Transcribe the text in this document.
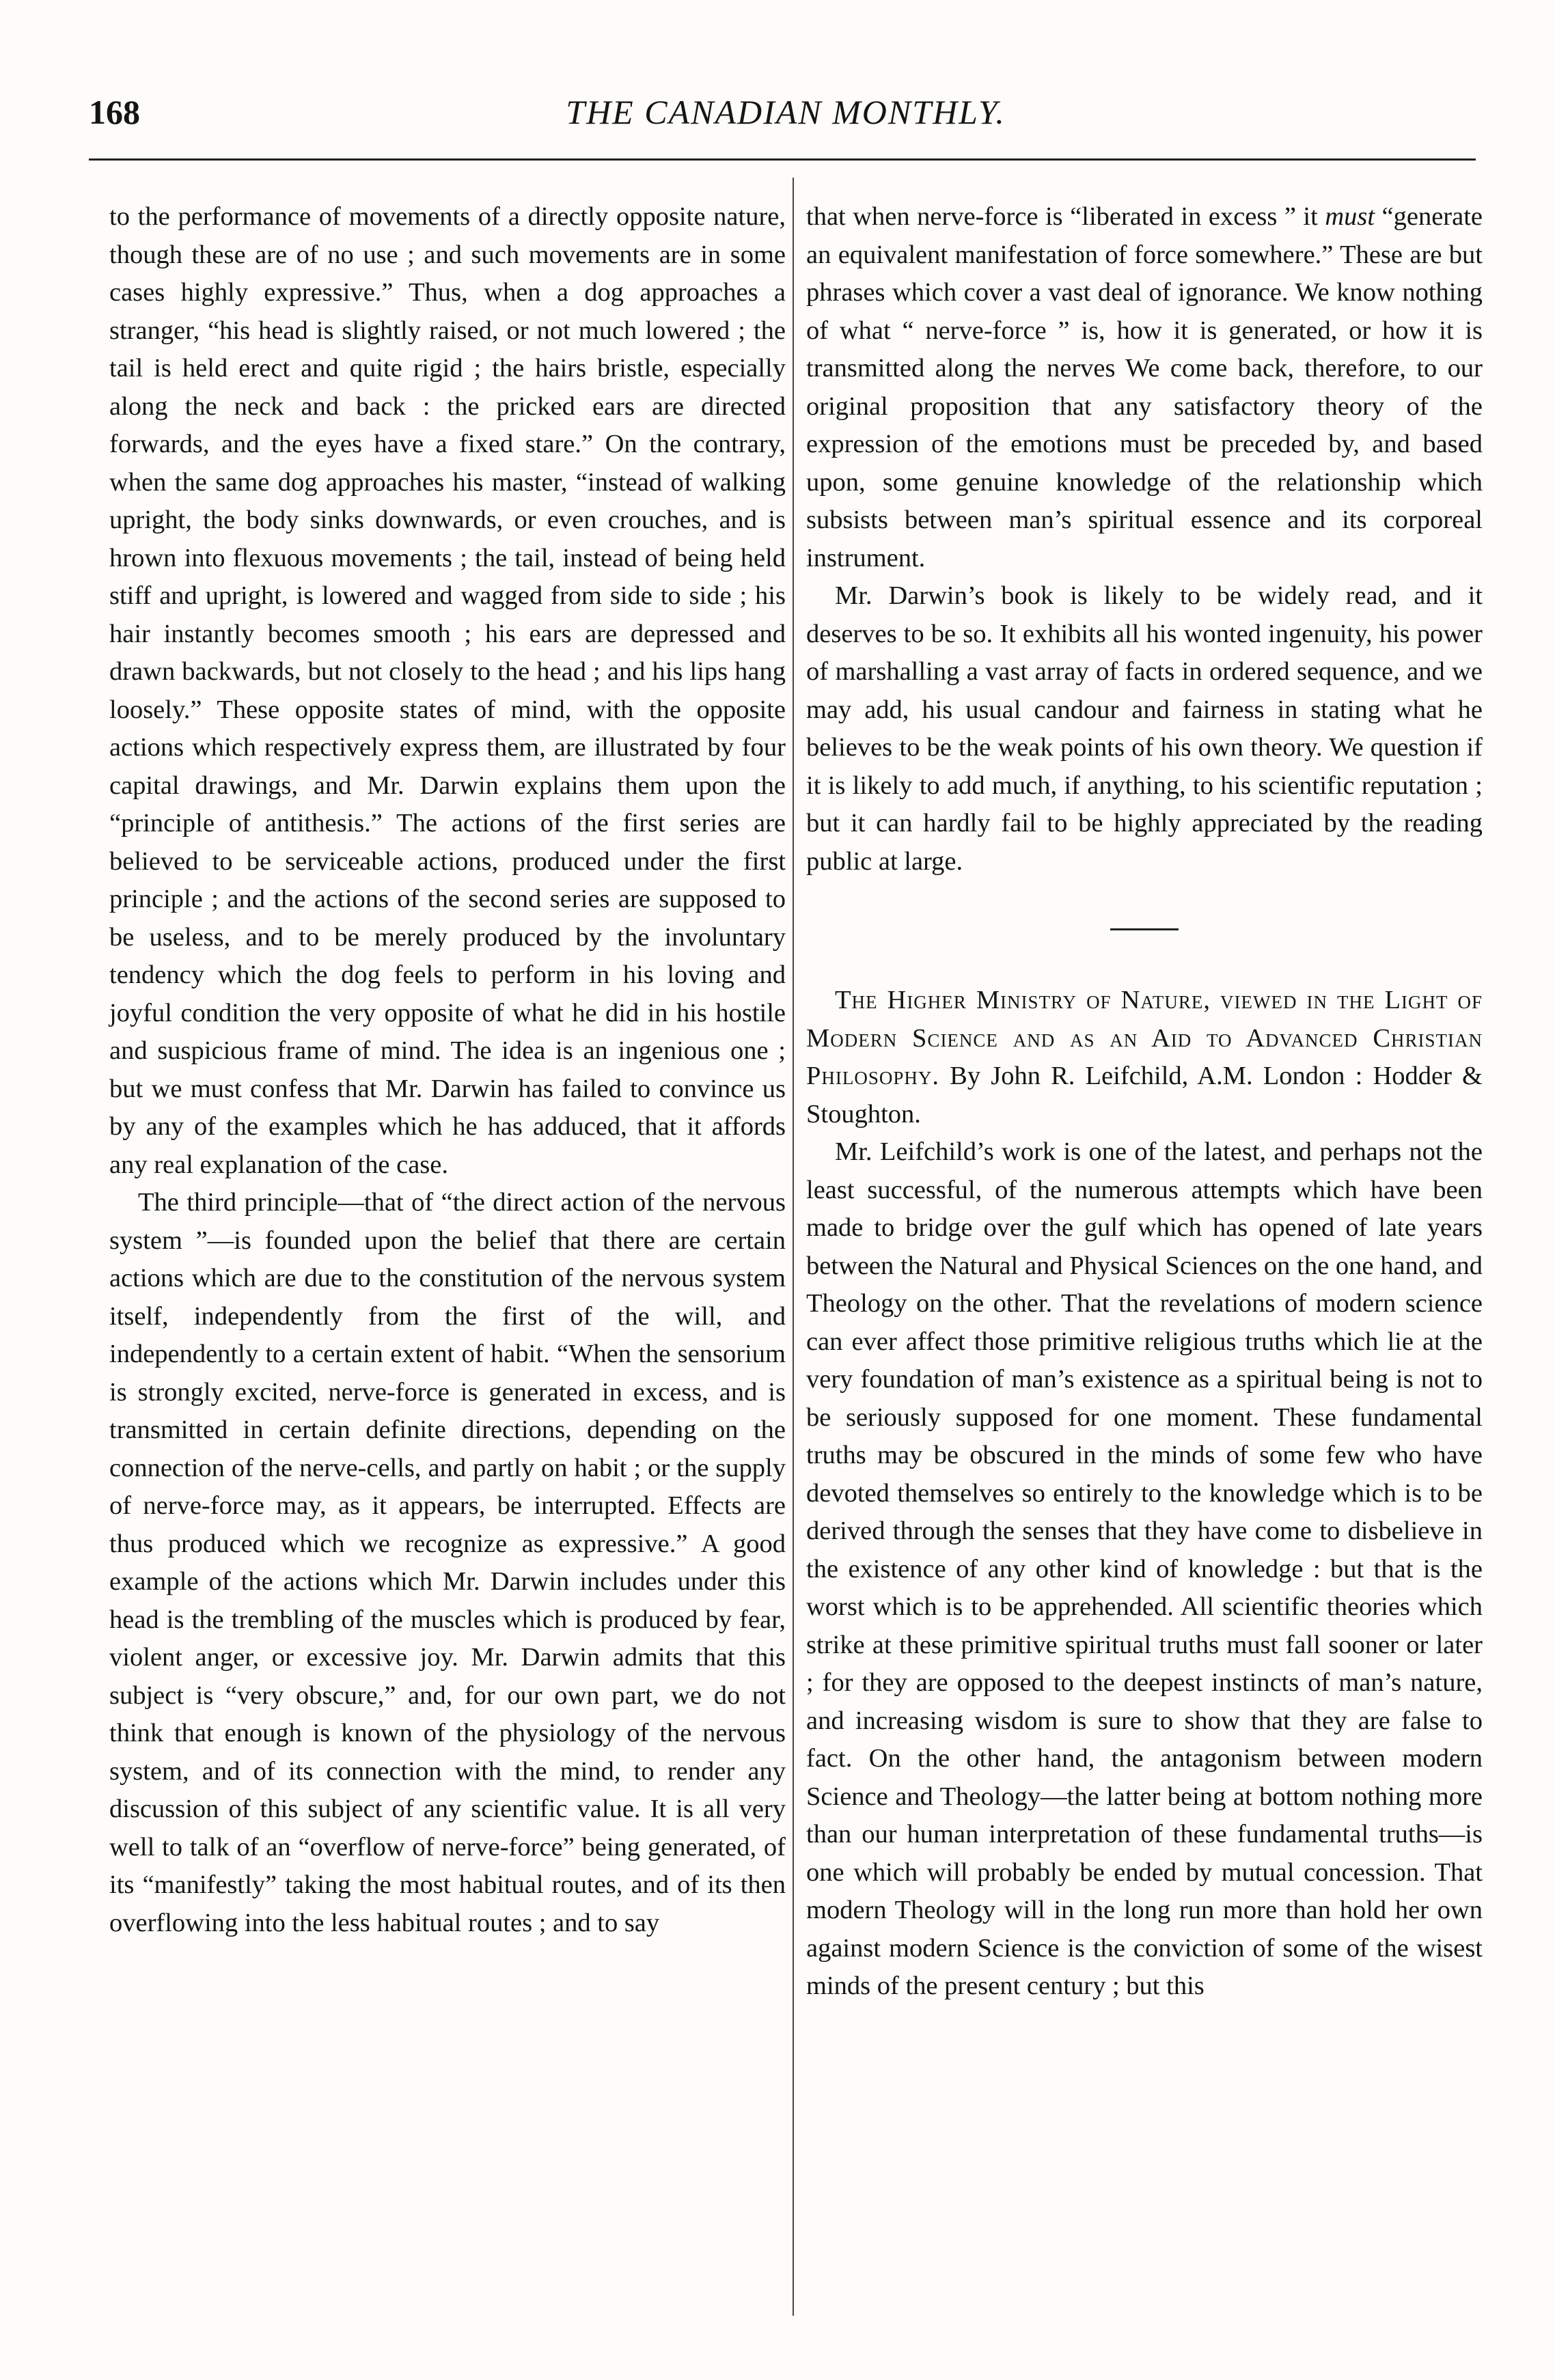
168	THE CANADIAN MONTHLY.

to the performance of movements of a directly opposite nature, though these are of no use ; and such movements are in some cases highly expressive.” Thus, when a dog approaches a stranger, “his head is slightly raised, or not much lowered ; the tail is held erect and quite rigid ; the hairs bristle, especially along the neck and back : the pricked ears are directed forwards, and the eyes have a fixed stare.” On the contrary, when the same dog approaches his master, “instead of walking upright, the body sinks downwards, or even crouches, and is hrown into flexuous movements ; the tail, instead of being held stiff and upright, is lowered and wagged from side to side ; his hair instantly becomes smooth ; his ears are depressed and drawn backwards, but not closely to the head ; and his lips hang loosely.” These opposite states of mind, with the opposite actions which respectively express them, are illustrated by four capital drawings, and Mr. Darwin explains them upon the “principle of antithesis.” The actions of the first series are believed to be serviceable actions, produced under the first principle ; and the actions of the second series are supposed to be useless, and to be merely produced by the involuntary tendency which the dog feels to perform in his loving and joyful condition the very opposite of what he did in his hostile and suspicious frame of mind. The idea is an ingenious one ; but we must confess that Mr. Darwin has failed to convince us by any of the examples which he has adduced, that it affords any real explanation of the case.

The third principle—that of “the direct action of the nervous system ”—is founded upon the belief that there are certain actions which are due to the constitution of the nervous system itself, independently from the first of the will, and independently to a certain extent of habit. “When the sensorium is strongly excited, nerve-force is generated in excess, and is transmitted in certain definite directions, depending on the connection of the nerve-cells, and partly on habit ; or the supply of nerve-force may, as it appears, be interrupted. Effects are thus produced which we recognize as expressive.” A good example of the actions which Mr. Darwin includes under this head is the trembling of the muscles which is produced by fear, violent anger, or excessive joy. Mr. Darwin admits that this subject is “very obscure,” and, for our own part, we do not think that enough is known of the physiology of the nervous system, and of its connection with the mind, to render any discussion of this subject of any scientific value. It is all very well to talk of an “overflow of nerve-force” being generated, of its “manifestly” taking the most habitual routes, and of its then overflowing into the less habitual routes ; and to say

that when nerve-force is “liberated in excess ” it must “generate an equivalent manifestation of force somewhere.” These are but phrases which cover a vast deal of ignorance. We know nothing of what “ nerve-force ” is, how it is generated, or how it is transmitted along the nerves We come back, therefore, to our original proposition that any satisfactory theory of the expression of the emotions must be preceded by, and based upon, some genuine knowledge of the relationship which subsists between man’s spiritual essence and its corporeal instrument.

Mr. Darwin’s book is likely to be widely read, and it deserves to be so. It exhibits all his wonted ingenuity, his power of marshalling a vast array of facts in ordered sequence, and we may add, his usual candour and fairness in stating what he believes to be the weak points of his own theory. We question if it is likely to add much, if anything, to his scientific reputation ; but it can hardly fail to be highly appreciated by the reading public at large.

The Higher Ministry of Nature, viewed in the Light of Modern Science and as an Aid to Advanced Christian Philosophy. By John R. Leifchild, A.M. London : Hodder & Stoughton.

Mr. Leifchild’s work is one of the latest, and perhaps not the least successful, of the numerous attempts which have been made to bridge over the gulf which has opened of late years between the Natural and Physical Sciences on the one hand, and Theology on the other. That the revelations of modern science can ever affect those primitive religious truths which lie at the very foundation of man’s existence as a spiritual being is not to be seriously supposed for one moment. These fundamental truths may be obscured in the minds of some few who have devoted themselves so entirely to the knowledge which is to be derived through the senses that they have come to disbelieve in the existence of any other kind of knowledge : but that is the worst which is to be apprehended. All scientific theories which strike at these primitive spiritual truths must fall sooner or later ; for they are opposed to the deepest instincts of man’s nature, and increasing wisdom is sure to show that they are false to fact. On the other hand, the antagonism between modern Science and Theology—the latter being at bottom nothing more than our human interpretation of these fundamental truths—is one which will probably be ended by mutual concession. That modern Theology will in the long run more than hold her own against modern Science is the conviction of some of the wisest minds of the present century ; but this
